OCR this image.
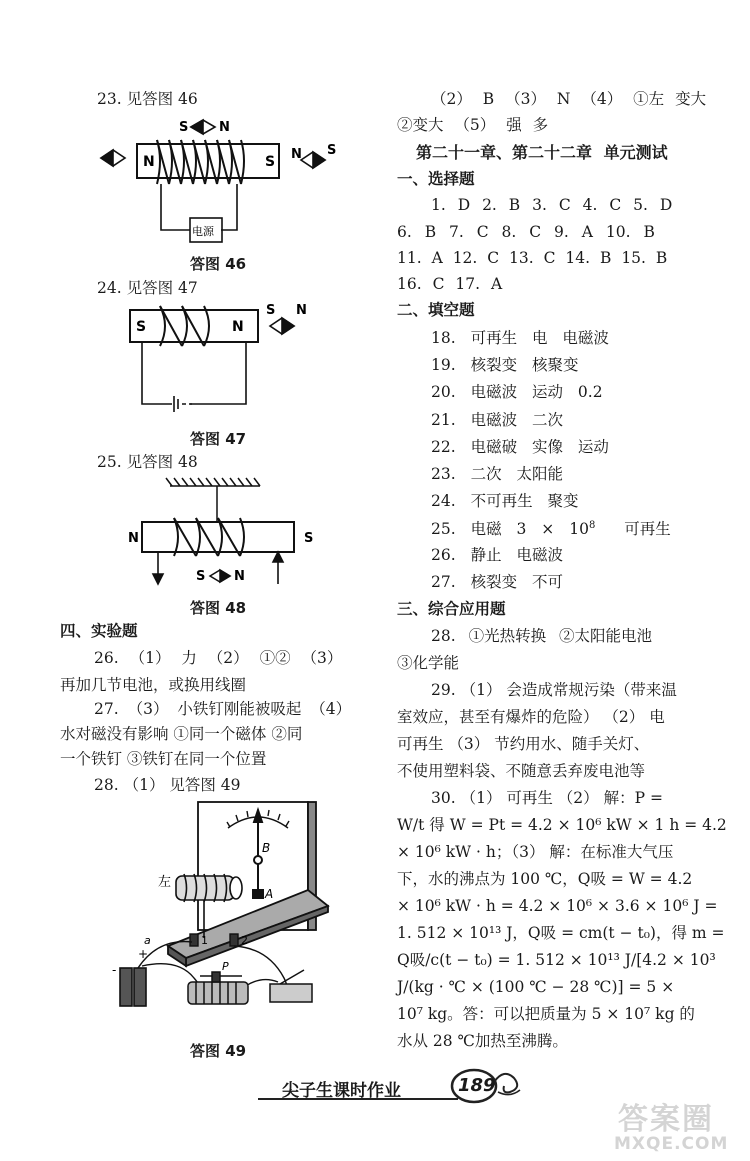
23. 见答图 46
S N
N	S N S
电源
答图 46
24. 见答图 47
S	N
S N
答图 47
25. 见答图 48
N	S
S N
答图 48
四、实验题
26. （1） 力 （2） ①② （3）
再加几节电池，或换用线圈
27. （3） 小铁钉刚能被吸起 （4）
水对磁没有影响 ①同一个磁体 ②同
一个铁钉 ③铁钉在同一个位置
28. （1） 见答图 49
B
A
左
1	2
a
-
+
P
答图 49
（2） B （3） N （4） ①左 变大
②变大 （5） 强 多
第二十一章、第二十二章 单元测试
一、选择题
1. D 2. B 3. C 4. C 5. D
6. B 7. C 8. C 9. A 10. B
11. A 12. C 13. C 14. B 15. B
16. C 17. A
二、填空题
18. 可再生 电 电磁波
19. 核裂变 核聚变
20. 电磁波 运动 0.2
21. 电磁波 二次
22. 电磁破 实像 运动
23. 二次 太阳能
24. 不可再生 聚变
25. 电磁 $3 \times 10^8$ 可再生
26. 静止 电磁波
27. 核裂变 不可
三、综合应用题
28. ①光热转换 ②太阳能电池
③化学能
29. （1） 会造成常规污染（带来温
室效应，甚至有爆炸的危险） （2） 电
可再生 （3） 节约用水、随手关灯、
不使用塑料袋、不随意丢弃废电池等
30. （1） 可再生 （2） 解：P =
W/t 得 W = Pt = 4.2 × 10⁶ kW × 1 h = 4.2
× 10⁶ kW · h；（3） 解：在标准大气压
下，水的沸点为 100 ℃，Q吸 = W = 4.2
× 10⁶ kW · h = 4.2 × 10⁶ × 3.6 × 10⁶ J =
1. 512 × 10¹³ J，Q吸 = cm(t − t₀)，得 m =
Q吸/c(t − t₀) = 1. 512 × 10¹³ J/[4.2 × 10³
J/(kg · ℃ × (100 ℃ − 28 ℃)] = 5 ×
10⁷ kg。答：可以把质量为 5 × 10⁷ kg 的
水从 28 ℃加热至沸腾。
尖子生课时作业	189
答案圈
MXQE.COM
